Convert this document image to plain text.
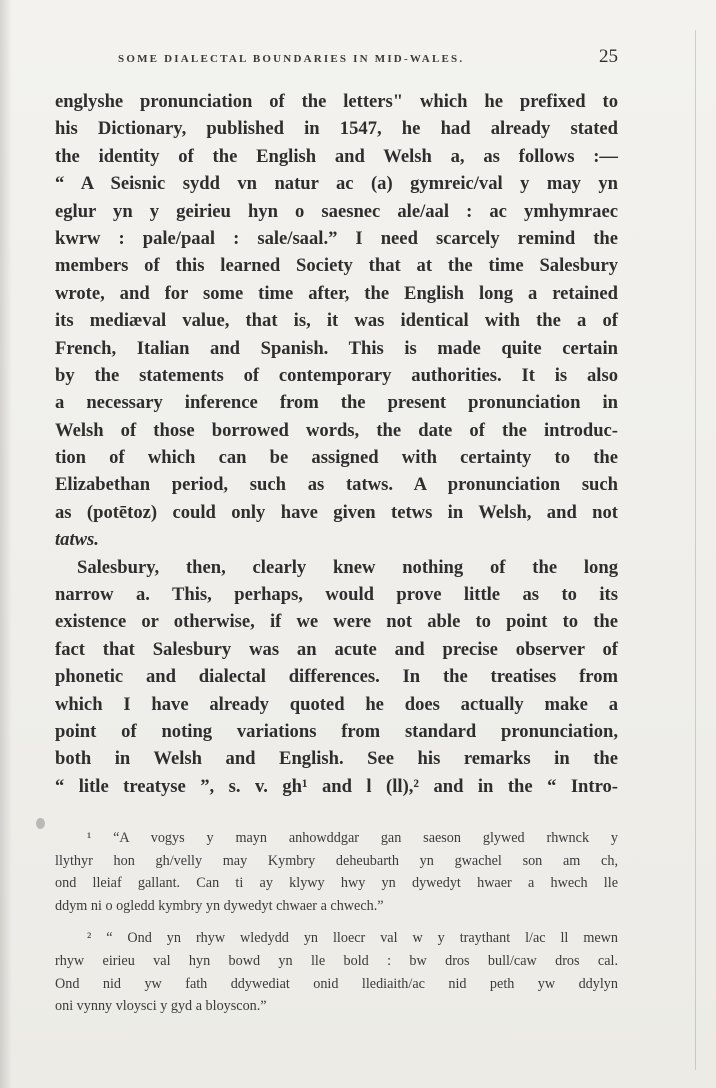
SOME DIALECTAL BOUNDARIES IN MID-WALES.	25
englyshe pronunciation of the letters" which he prefixed to
his Dictionary, published in 1547, he had already stated
the identity of the English and Welsh a, as follows :—
“ A Seisnic sydd vn natur ac (a) gymreic/val y may yn
eglur yn y geirieu hyn o saesnec ale/aal : ac ymhymraec
kwrw : pale/paal : sale/saal.” I need scarcely remind the
members of this learned Society that at the time Salesbury
wrote, and for some time after, the English long a retained
its mediæval value, that is, it was identical with the a of
French, Italian and Spanish. This is made quite certain
by the statements of contemporary authorities. It is also
a necessary inference from the present pronunciation in
Welsh of those borrowed words, the date of the introduc-
tion of which can be assigned with certainty to the
Elizabethan period, such as tatws. A pronunciation such
as (potētoz) could only have given tetws in Welsh, and not
tatws.
Salesbury, then, clearly knew nothing of the long
narrow a. This, perhaps, would prove little as to its
existence or otherwise, if we were not able to point to the
fact that Salesbury was an acute and precise observer of
phonetic and dialectal differences. In the treatises from
which I have already quoted he does actually make a
point of noting variations from standard pronunciation,
both in Welsh and English. See his remarks in the
“ litle treatyse ”, s. v. gh¹ and l (ll),² and in the “ Intro-
¹ “A vogys y mayn anhowddgar gan saeson glywed rhwnck y
llythyr hon gh/velly may Kymbry deheubarth yn gwachel son am ch,
ond lleiaf gallant. Can ti ay klywy hwy yn dywedyt hwaer a hwech lle
ddym ni o ogledd kymbry yn dywedyt chwaer a chwech.”
² “ Ond yn rhyw wledydd yn lloecr val w y traythant l/ac ll mewn
rhyw eirieu val hyn bowd yn lle bold : bw dros bull/caw dros cal.
Ond nid yw fath ddywediat onid llediaith/ac nid peth yw ddylyn
oni vynny vloysci y gyd a bloyscon.”
